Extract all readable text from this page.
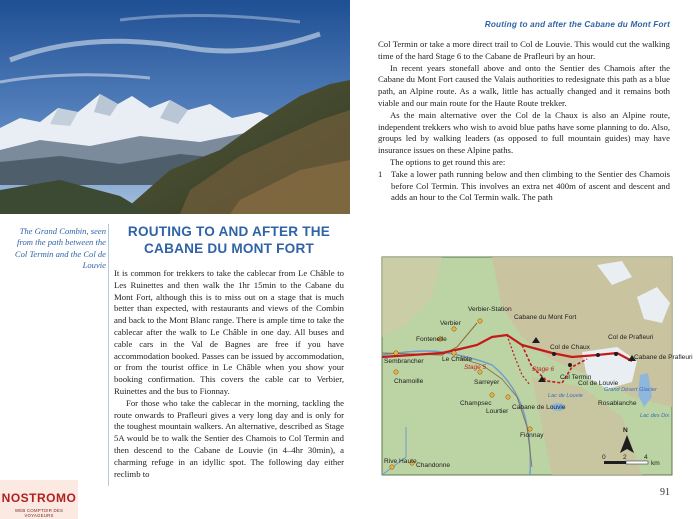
The Grand Combin, seen from the path between the Col Termin and the Col de Louvie
ROUTING TO AND AFTER THE CABANE DU MONT FORT

It is common for trekkers to take the cablecar from Le Châble to Les Ruinettes and then walk the 1hr 15min to the Cabane du Mont Fort, although this is to miss out on a stage that is much better than expected, with restaurants and views of the Combin and back to the Mont Blanc range. There is ample time to take the cablecar after the walk to Le Châble in one day. All buses and cable cars in the Val de Bagnes are free if you have accommodation booked. Passes can be issued by accommodation, or from the tourist office in Le Châble when you show your booking confirmation. This covers the cable car to Verbier, Ruinettes and the bus to Fionnay.

For those who take the cablecar in the morning, tackling the route onwards to Prafleuri gives a very long day and is only for the toughest mountain walkers. An alternative, described as Stage 5A would be to walk the Sentier des Chamois to Col Termin and then descend to the Cabane de Louvie (in 4–4hr 30min), a charming refuge in an idyllic spot. The following day either reclimb to

Routing to and after the Cabane du Mont Fort

Col Termin or take a more direct trail to Col de Louvie. This would cut the walking time of the hard Stage 6 to the Cabane de Prafleuri by an hour.

In recent years stonefall above and onto the Sentier des Chamois after the Cabane du Mont Fort caused the Valais authorities to redesignate this path as a blue path, an Alpine route. As a walk, little has actually changed and it remains both viable and our main route for the Haute Route trekker.

As the main alternative over the Col de la Chaux is also an Alpine route, independent trekkers who wish to avoid blue paths have some planning to do. Also, groups led by walking leaders (as opposed to full mountain guides) may have insurance issues on these Alpine paths.

The options to get round this are:

1 Take a lower path running below and then climbing to the Sentier des Chamois before Col Termin. This involves an extra net 400m of ascent and descent and adds an hour to the Col Termin walk. The path
Verbier-Station
Verbier
Fontenelle
Le Châble
Sembrancher
Chamoille
Stage 5
Sarreyer
Champsec
Lourtier
Cabane du Mont Fort
Col de Chaux
Stage 6
Col Termin
Col de Louvie
Lac de Louvie
Cabane de Louvie
Grand Désert Glacier
Rosablanche
Col de Prafleuri
Cabane de Prafleuri
Lac des Dix
Fionnay
Rive Haute
Chandonne
N
0	2	4
km
91
NOSTROMO
WEB COMPTOIR DES VOYAGEURS
